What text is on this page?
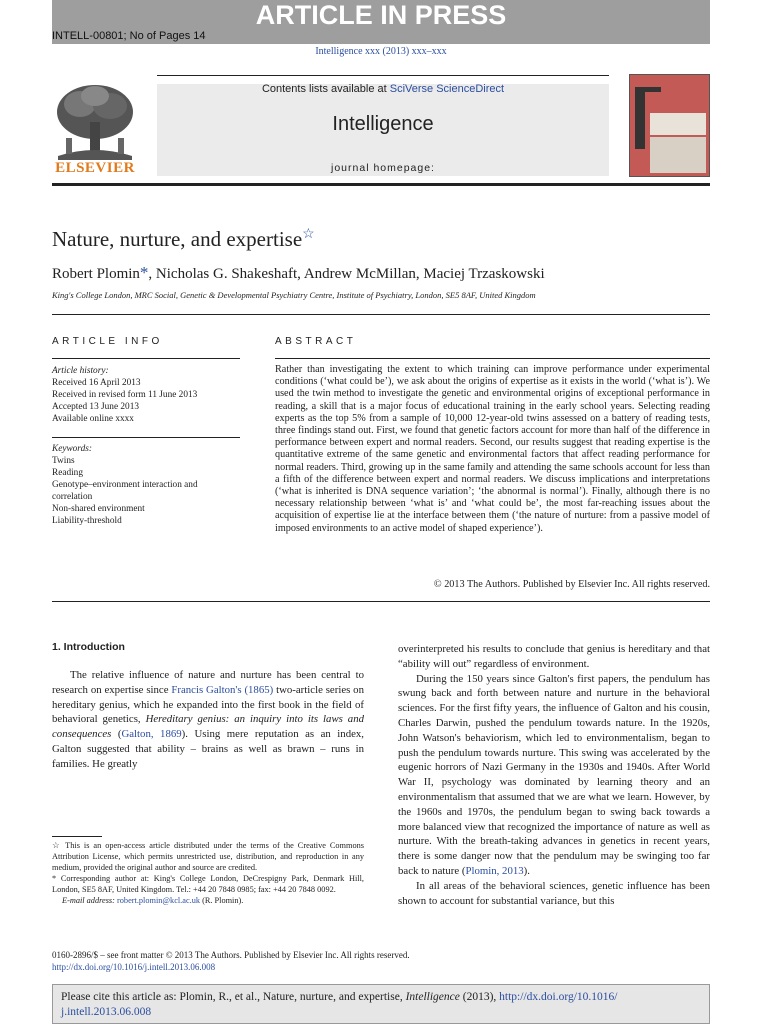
ARTICLE IN PRESS
INTELL-00801; No of Pages 14
Intelligence xxx (2013) xxx–xxx
Contents lists available at SciVerse ScienceDirect
Intelligence
journal homepage:
ELSEVIER
Nature, nurture, and expertise☆
Robert Plomin*, Nicholas G. Shakeshaft, Andrew McMillan, Maciej Trzaskowski
King's College London, MRC Social, Genetic & Developmental Psychiatry Centre, Institute of Psychiatry, London, SE5 8AF, United Kingdom
ARTICLE INFO
Article history:
Received 16 April 2013
Received in revised form 11 June 2013
Accepted 13 June 2013
Available online xxxx
Keywords:
Twins
Reading
Genotype–environment interaction and
correlation
Non-shared environment
Liability-threshold
ABSTRACT
Rather than investigating the extent to which training can improve performance under experimental conditions (‘what could be’), we ask about the origins of expertise as it exists in the world (‘what is’). We used the twin method to investigate the genetic and environmental origins of exceptional performance in reading, a skill that is a major focus of educational training in the early school years. Selecting reading experts as the top 5% from a sample of 10,000 12-year-old twins assessed on a battery of reading tests, three findings stand out. First, we found that genetic factors account for more than half of the difference in performance between expert and normal readers. Second, our results suggest that reading expertise is the quantitative extreme of the same genetic and environmental factors that affect reading performance for normal readers. Third, growing up in the same family and attending the same schools account for less than a fifth of the difference between expert and normal readers. We discuss implications and interpretations (‘what is inherited is DNA sequence variation’; ‘the abnormal is normal’). Finally, although there is no necessary relationship between ‘what is’ and ‘what could be’, the most far-reaching issues about the acquisition of expertise lie at the interface between them (‘the nature of nurture: from a passive model of imposed environments to an active model of shaped experience’).
© 2013 The Authors. Published by Elsevier Inc. All rights reserved.
1. Introduction

The relative influence of nature and nurture has been central to research on expertise since Francis Galton's (1865) two-article series on hereditary genius, which he expanded into the first book in the field of behavioral genetics, Hereditary genius: an inquiry into its laws and consequences (Galton, 1869). Using mere reputation as an index, Galton suggested that ability – brains as well as brawn – runs in families. He greatly

overinterpreted his results to conclude that genius is hereditary and that “ability will out” regardless of environment.

During the 150 years since Galton's first papers, the pendulum has swung back and forth between nature and nurture in the behavioral sciences. For the first fifty years, the influence of Galton and his cousin, Charles Darwin, pushed the pendulum towards nature. In the 1920s, John Watson's behaviorism, which led to environmentalism, began to push the pendulum towards nurture. This swing was accelerated by the eugenic horrors of Nazi Germany in the 1930s and 1940s. After World War II, psychology was dominated by learning theory and an environmentalism that assumed that we are what we learn. However, by the 1960s and 1970s, the pendulum began to swing back towards a more balanced view that recognized the importance of nature as well as nurture. With the breath-taking advances in genetics in recent years, there is some danger now that the pendulum may be swinging too far back to nature (Plomin, 2013).

In all areas of the behavioral sciences, genetic influence has been shown to account for substantial variance, but this

☆ This is an open-access article distributed under the terms of the Creative Commons Attribution License, which permits unrestricted use, distribution, and reproduction in any medium, provided the original author and source are credited.

* Corresponding author at: King's College London, DeCrespigny Park, Denmark Hill, London, SE5 8AF, United Kingdom. Tel.: +44 20 7848 0985; fax: +44 20 7848 0092.

E-mail address: robert.plomin@kcl.ac.uk (R. Plomin).

0160-2896/$ – see front matter © 2013 The Authors. Published by Elsevier Inc. All rights reserved.
http://dx.doi.org/10.1016/j.intell.2013.06.008
Please cite this article as: Plomin, R., et al., Nature, nurture, and expertise, Intelligence (2013), http://dx.doi.org/10.1016/
j.intell.2013.06.008
